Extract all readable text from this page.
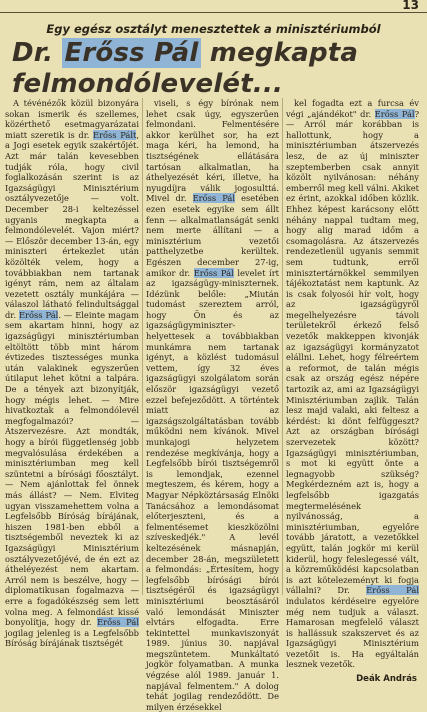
13
Egy egész osztályt menesztettek a minisztériumból
Dr. Erőss Pál megkapta
felmondólevelét...

A tévénézők közül bizonyára sokan ismerik és szellemes, közérthető esetmagyarázatai miatt szeretik is dr. Erőss Pált, a Jogi esetek egyik szakértőjét. Azt már talán kevesebben tudják róla, hogy civil foglalkozásán szerint is az Igazságügyi Minisztérium osztályvezetője — volt. December 28-i keltezéssel ugyanis megkapta a felmondólevelét. Vajon miért? — Először december 13-án, egy miniszteri értekezlet után közölték velem, hogy a továbbiakban nem tartanak igényt rám, nem az általam vezetett osztály munkájára — válaszol látható felindultsággal dr. Erőss Pál. — Eleinte magam sem akartam hinni, hogy az igazságügyi minisztériumban eltöltött több mint három évtizedes tisztességes munka után valakinek egyszerűen útilaput lehet kötni a talpára. De a tények azt bizonyítják, hogy mégis lehet. — Mire hivatkoztak a felmondólevél megfogalmazói? — Átszervezésre. Azt mondták, hogy a bírói függetlenség jobb megvalósulása érdekében a minisztériumban meg kell szüntetni a bírósági főosztályt. — Nem ajánlottak fel önnek más állást? — Nem. Elviteg ugyan visszamehettem volna a Legfelsőbb Bíróság bírájának, hiszen 1981-ben ebből a tisztségemből neveztek ki az Igazságügyi Minisztérium osztályvezetőjévé, de én ezt az átheléyezést nem akartam. Arról nem is beszélve, hogy — diplomatikusan fogalmazva — erre a fogadókészség sem lett volna meg. A felmondást kissé bonyolítja, hogy dr. Erőss Pál jogilag jelenleg is a Legfelsőbb Bíróság bírájának tisztségét

viseli, s égy bírónak nem lehet csak úgy, egyszerűen felmondani. Felmentésére akkor kerülhet sor, ha ezt maga kéri, ha lemond, ha tisztségének ellátására tartósan alkalmatlan, ha áthelyezését kéri, illetve, ha nyugdíjra válik jogosulttá. Mivel dr. Erőss Pál esetében ezen esetek egyike sem állt fenn — alkalmatlanságát senki nem merte állítani — a minisztérium vezetői patthelyzetbe kerültek. Egészen december 27-ig, amikor dr. Erőss Pál levelet írt az igazságügy-miniszternek. Idézünk belőle: „Miután tudomást szereztem arról, hogy Ön és az igazságügyminiszter-helyettesek a továbbiakban munkámra nem tartanak igényt, a közlést tudomásul vettem, így 32 éves igazságügyi szolgálatom során először igazságügyi vezető ezzel befejeződött. A történtek miatt az igazságszolgáltatásban tovább működni nem kívánok. Mivel munkajogi helyzetem rendezése megkívánja, hogy a Legfelsőbb bírói tisztségemről is lemondjak, ezennel megteszem, és kérem, hogy a Magyar Népköztársaság Elnöki Tanácsához a lemondásomat előterjeszteni, és a felmentésemet kieszközölni szíveskedjék." A levél keltezésének másnapján, december 28-án, megszületett a felmondás: „Értesítem, hogy legfelsőbb bírósági bírói tisztségéről és igazságügyi minisztériumi beosztásáról való lemondását Miniszter elvtárs elfogadta. Erre tekintettel munkaviszonyát 1989. június 30. napjával megszüntetem. Munkáltató jogkör folyamatban. A munka végzése alól 1989. január 1. napjával felmentem." A dolog tehát jogilag rendeződött. De milyen érzésekkel

kel fogadta ezt a furcsa év végi „ajándékot" dr. Erőss Pál? — Arról már korábban is hallottunk, hogy a minisztériumban átszervezés lesz, de az új miniszter szeptemberben csak annyit közölt nyilvánosan: néhány emberről meg kell válni. Akiket ez érint, azokkal időben közlik. Ehhez képest karácsony előtt néhány nappal tudtam meg, hogy alig marad időm a csomagolásra. Az átszervezés rendezetlenül ugyanis semmit sem tudtunk, erről minisztertárnökkel semmilyen tájékoztatást nem kaptunk. Az is csak folyosói hír volt, hogy az igazságügyről megelhelyezésre távoli területekről érkező felső vezetők makkeppen kivonják az igazságügyi kormányzatot elállni. Lehet, hogy félreértem a reformot, de talán mégis csak az ország egész népére tartozik az, ami az Igazságügyi Minisztériumban zajlik. Talán lesz majd valaki, aki feltesz a kérdést: ki dönt felfüggeszt? Azt az országban bírósági szervezetek között? Igazságügyi minisztériumban, s mot ki együtt önte a legnagyobb szükség? Megkérdezném azt is, hogy a legfelsőbb igazgatás megtermelésének nyilvánosság, a minisztériumban, egyelőre tovább járatott, a vezetőkkel együtt, talán jogkör mi kerül kiderül, hogy feleslegessé vált, a közreműködési kapcsolatban is azt kötelezeményt ki fogja vállalni? Dr. Erőss Pál indulatos kérdéseire egyelőre még nem tudjuk a választ. Hamarosan megfelelő választ is hallássuk szakszervet és az Igazságügyi Minisztérium vezetőit is. Ha egyáltalán lesznek vezetők.

Deák András
